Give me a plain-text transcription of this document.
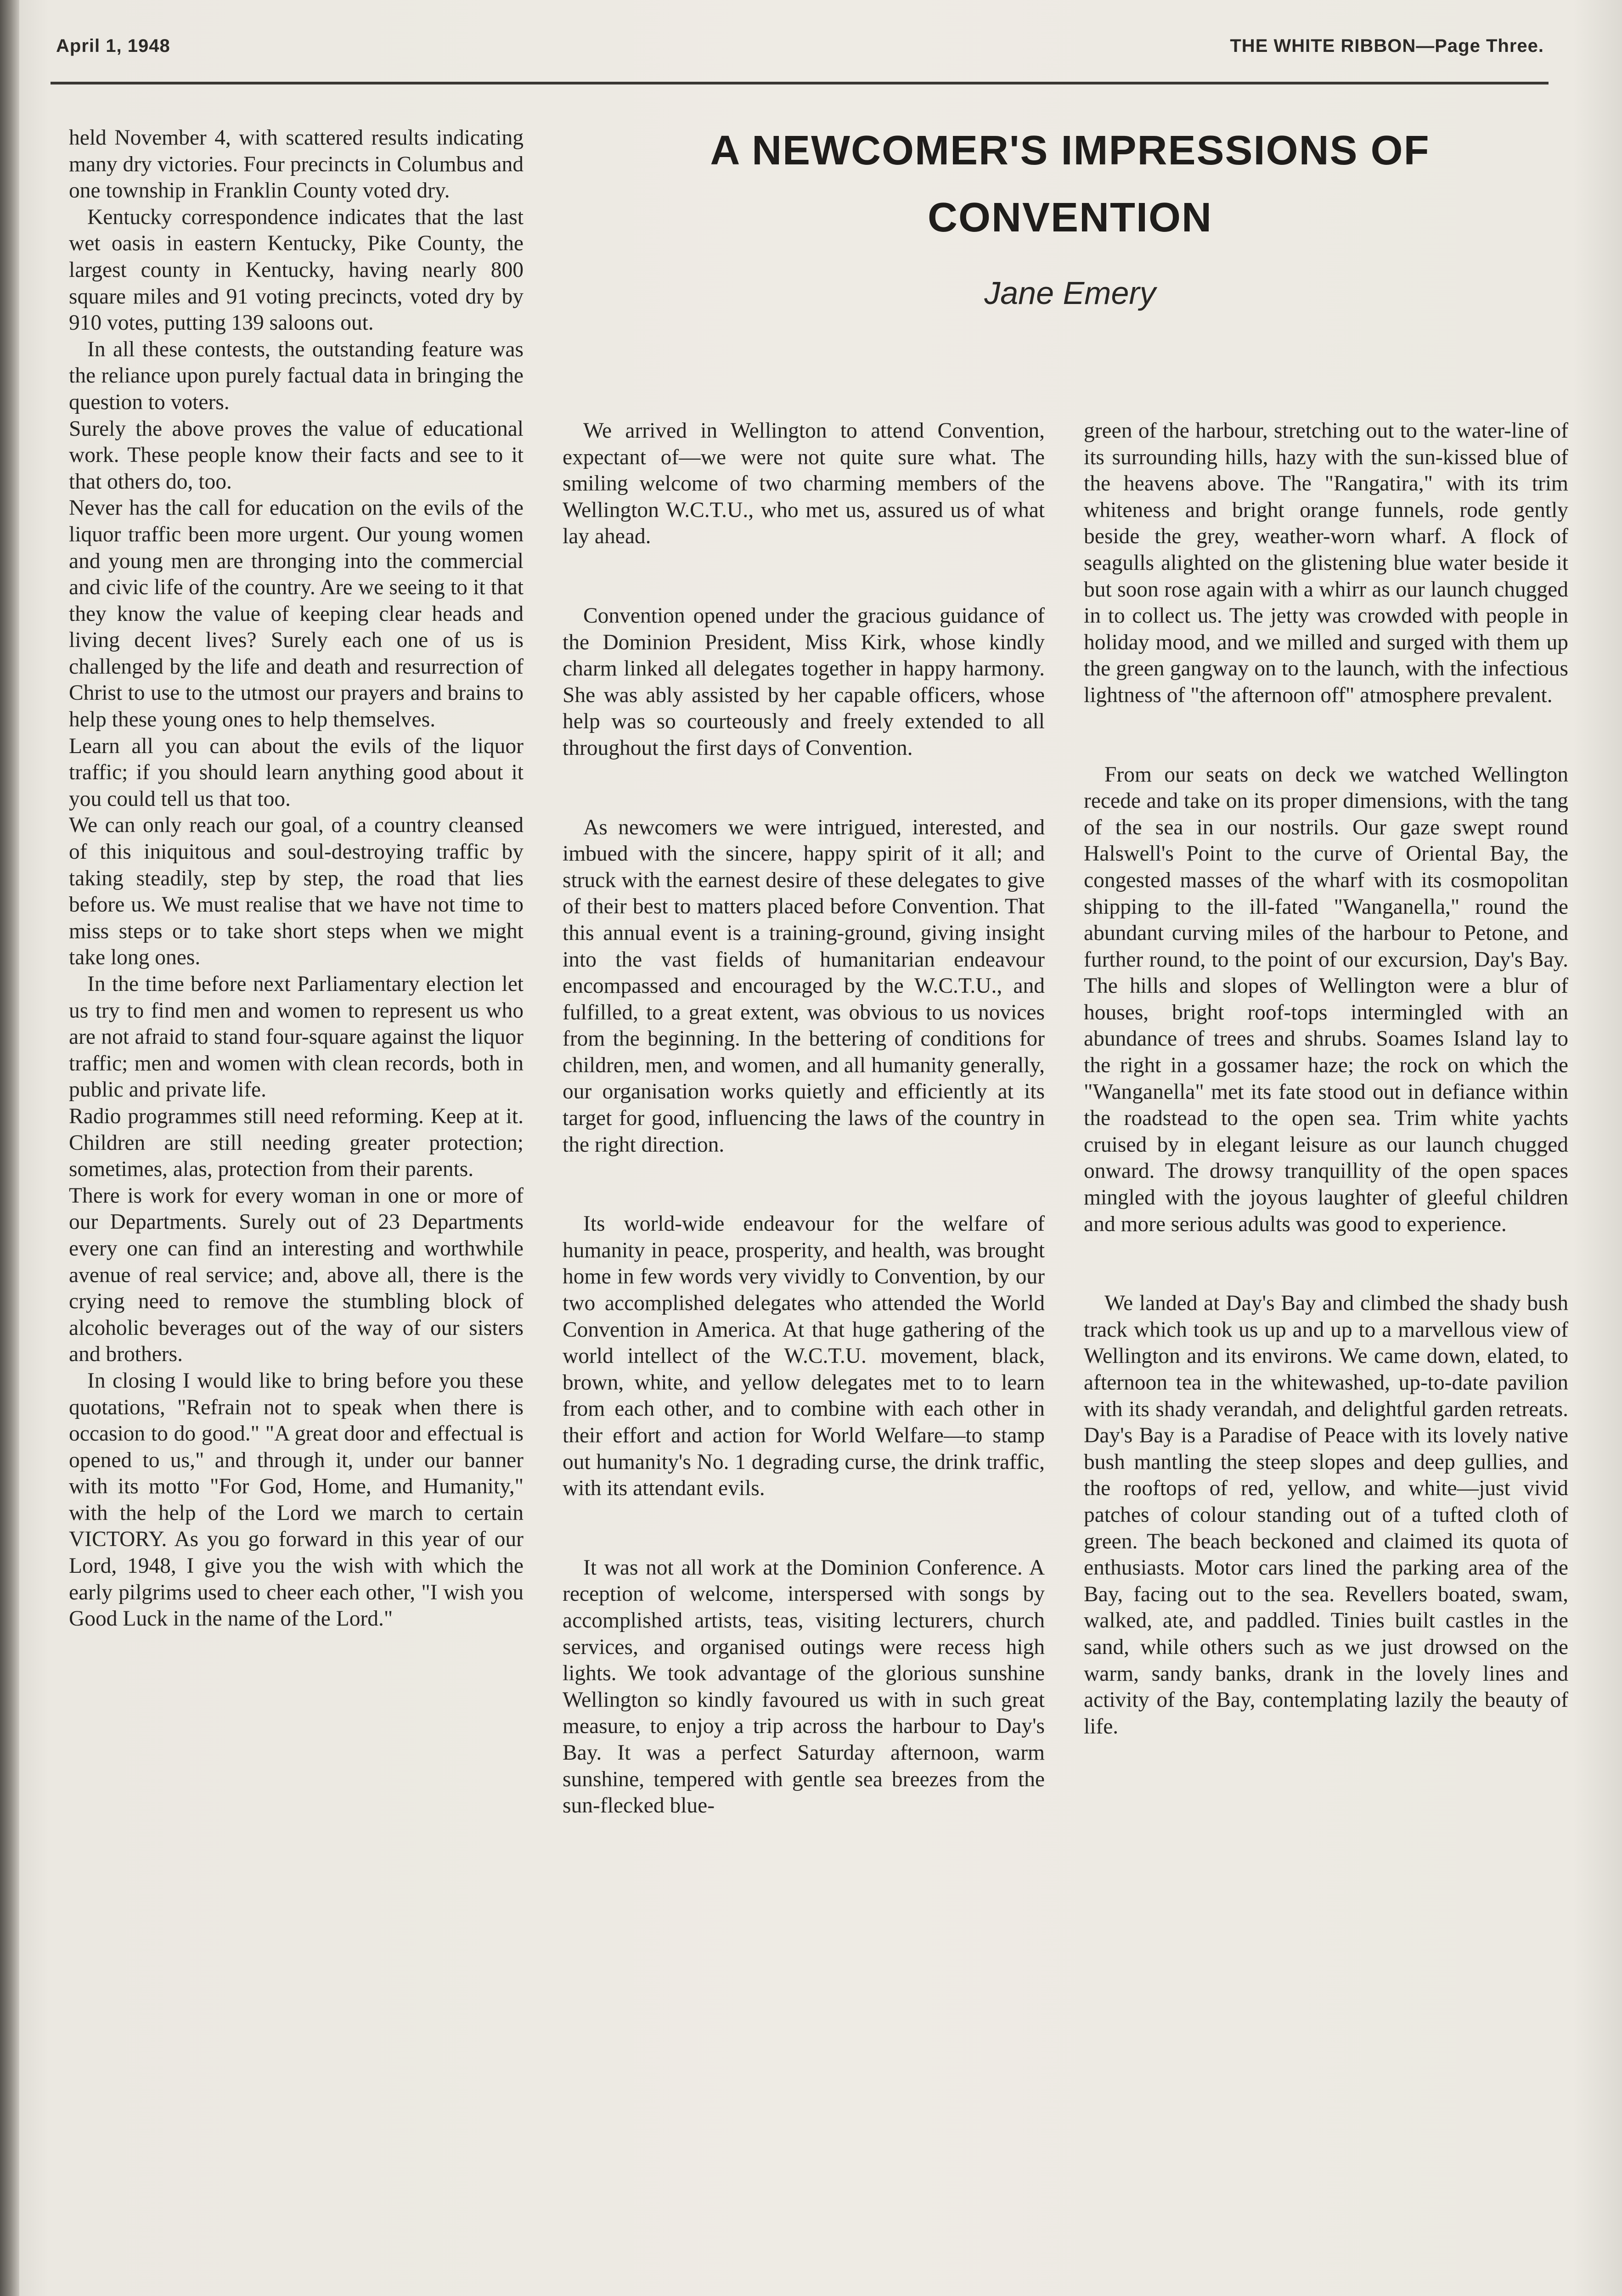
April 1, 1948	THE WHITE RIBBON—Page Three.
A NEWCOMER'S IMPRESSIONS OF
CONVENTION
Jane Emery

held November 4, with scattered results indicating many dry victories. Four precincts in Columbus and one township in Franklin County voted dry.

Kentucky correspondence indicates that the last wet oasis in eastern Kentucky, Pike County, the largest county in Kentucky, having nearly 800 square miles and 91 voting precincts, voted dry by 910 votes, putting 139 saloons out.

In all these contests, the outstanding feature was the reliance upon purely factual data in bringing the question to voters.

Surely the above proves the value of educational work. These people know their facts and see to it that others do, too.

Never has the call for education on the evils of the liquor traffic been more urgent. Our young women and young men are thronging into the commercial and civic life of the country. Are we seeing to it that they know the value of keeping clear heads and living decent lives? Surely each one of us is challenged by the life and death and resurrection of Christ to use to the utmost our prayers and brains to help these young ones to help themselves.

Learn all you can about the evils of the liquor traffic; if you should learn anything good about it you could tell us that too.

We can only reach our goal, of a country cleansed of this iniquitous and soul-destroying traffic by taking steadily, step by step, the road that lies before us. We must realise that we have not time to miss steps or to take short steps when we might take long ones.

In the time before next Parliamentary election let us try to find men and women to represent us who are not afraid to stand four-square against the liquor traffic; men and women with clean records, both in public and private life.

Radio programmes still need reforming. Keep at it. Children are still needing greater protection; sometimes, alas, protection from their parents.

There is work for every woman in one or more of our Departments. Surely out of 23 Departments every one can find an interesting and worthwhile avenue of real service; and, above all, there is the crying need to remove the stumbling block of alcoholic beverages out of the way of our sisters and brothers.

In closing I would like to bring before you these quotations, "Refrain not to speak when there is occasion to do good." "A great door and effectual is opened to us," and through it, under our banner with its motto "For God, Home, and Humanity," with the help of the Lord we march to certain VICTORY. As you go forward in this year of our Lord, 1948, I give you the wish with which the early pilgrims used to cheer each other, "I wish you Good Luck in the name of the Lord."

We arrived in Wellington to attend Convention, expectant of—we were not quite sure what. The smiling welcome of two charming members of the Wellington W.C.T.U., who met us, assured us of what lay ahead.

Convention opened under the gracious guidance of the Dominion President, Miss Kirk, whose kindly charm linked all delegates together in happy harmony. She was ably assisted by her capable officers, whose help was so courteously and freely extended to all throughout the first days of Convention.

As newcomers we were intrigued, interested, and imbued with the sincere, happy spirit of it all; and struck with the earnest desire of these delegates to give of their best to matters placed before Convention. That this annual event is a training-ground, giving insight into the vast fields of humanitarian endeavour encompassed and encouraged by the W.C.T.U., and fulfilled, to a great extent, was obvious to us novices from the beginning. In the bettering of conditions for children, men, and women, and all humanity generally, our organisation works quietly and efficiently at its target for good, influencing the laws of the country in the right direction.

Its world-wide endeavour for the welfare of humanity in peace, prosperity, and health, was brought home in few words very vividly to Convention, by our two accomplished delegates who attended the World Convention in America. At that huge gathering of the world intellect of the W.C.T.U. movement, black, brown, white, and yellow delegates met to to learn from each other, and to combine with each other in their effort and action for World Welfare—to stamp out humanity's No. 1 degrading curse, the drink traffic, with its attendant evils.

It was not all work at the Dominion Conference. A reception of welcome, interspersed with songs by accomplished artists, teas, visiting lecturers, church services, and organised outings were recess high lights. We took advantage of the glorious sunshine Wellington so kindly favoured us with in such great measure, to enjoy a trip across the harbour to Day's Bay. It was a perfect Saturday afternoon, warm sunshine, tempered with gentle sea breezes from the sun-flecked blue-

green of the harbour, stretching out to the water-line of its surrounding hills, hazy with the sun-kissed blue of the heavens above. The "Rangatira," with its trim whiteness and bright orange funnels, rode gently beside the grey, weather-worn wharf. A flock of seagulls alighted on the glistening blue water beside it but soon rose again with a whirr as our launch chugged in to collect us. The jetty was crowded with people in holiday mood, and we milled and surged with them up the green gangway on to the launch, with the infectious lightness of "the afternoon off" atmosphere prevalent.

From our seats on deck we watched Wellington recede and take on its proper dimensions, with the tang of the sea in our nostrils. Our gaze swept round Halswell's Point to the curve of Oriental Bay, the congested masses of the wharf with its cosmopolitan shipping to the ill-fated "Wanganella," round the abundant curving miles of the harbour to Petone, and further round, to the point of our excursion, Day's Bay. The hills and slopes of Wellington were a blur of houses, bright roof-tops intermingled with an abundance of trees and shrubs. Soames Island lay to the right in a gossamer haze; the rock on which the "Wanganella" met its fate stood out in defiance within the roadstead to the open sea. Trim white yachts cruised by in elegant leisure as our launch chugged onward. The drowsy tranquillity of the open spaces mingled with the joyous laughter of gleeful children and more serious adults was good to experience.

We landed at Day's Bay and climbed the shady bush track which took us up and up to a marvellous view of Wellington and its environs. We came down, elated, to afternoon tea in the whitewashed, up-to-date pavilion with its shady verandah, and delightful garden retreats. Day's Bay is a Paradise of Peace with its lovely native bush mantling the steep slopes and deep gullies, and the rooftops of red, yellow, and white—just vivid patches of colour standing out of a tufted cloth of green. The beach beckoned and claimed its quota of enthusiasts. Motor cars lined the parking area of the Bay, facing out to the sea. Revellers boated, swam, walked, ate, and paddled. Tinies built castles in the sand, while others such as we just drowsed on the warm, sandy banks, drank in the lovely lines and activity of the Bay, contemplating lazily the beauty of life.
